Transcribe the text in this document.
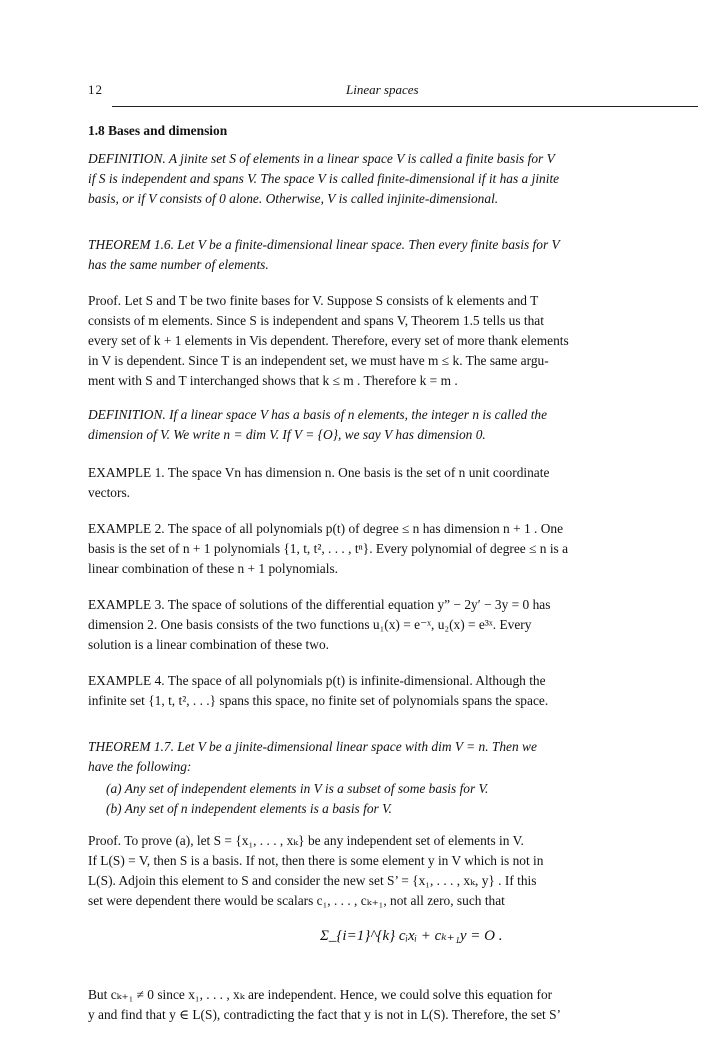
12	Linear spaces
1.8 Bases and dimension
DEFINITION. A jinite set S of elements in a linear space V is called a finite basis for V
if S is independent and spans V. The space V is called finite-dimensional if it has a jinite
basis, or if V consists of 0 alone. Otherwise, V is called injinite-dimensional.
THEOREM 1.6. Let V be a finite-dimensional linear space. Then every finite basis for V
has the same number of elements.
Proof. Let S and T be two finite bases for V. Suppose S consists of k elements and T
consists of m elements. Since S is independent and spans V, Theorem 1.5 tells us that
every set of k + 1 elements in Vis dependent. Therefore, every set of more thank elements
in V is dependent. Since T is an independent set, we must have m ≤ k. The same argu-
ment with S and T interchanged shows that k ≤ m . Therefore k = m .
DEFINITION. If a linear space V has a basis of n elements, the integer n is called the
dimension of V. We write n = dim V. If V = {O}, we say V has dimension 0.
EXAMPLE 1. The space Vn has dimension n. One basis is the set of n unit coordinate
vectors.
EXAMPLE 2. The space of all polynomials p(t) of degree ≤ n has dimension n + 1 . One
basis is the set of n + 1 polynomials {1, t, t², . . . , tⁿ}. Every polynomial of degree ≤ n is a
linear combination of these n + 1 polynomials.
EXAMPLE 3. The space of solutions of the differential equation y” − 2y′ − 3y = 0 has
dimension 2. One basis consists of the two functions u₁(x) = e⁻ˣ, u₂(x) = e³ˣ. Every
solution is a linear combination of these two.
EXAMPLE 4. The space of all polynomials p(t) is infinite-dimensional. Although the
infinite set {1, t, t², . . .} spans this space, no finite set of polynomials spans the space.
THEOREM 1.7. Let V be a jinite-dimensional linear space with dim V = n. Then we
have the following:
(a) Any set of independent elements in V is a subset of some basis for V.
(b) Any set of n independent elements is a basis for V.
Proof. To prove (a), let S = {x₁, . . . , xₖ} be any independent set of elements in V.
If L(S) = V, then S is a basis. If not, then there is some element y in V which is not in
L(S). Adjoin this element to S and consider the new set S’ = {x₁, . . . , xₖ, y} . If this
set were dependent there would be scalars c₁, . . . , cₖ₊₁, not all zero, such that
Σ_{i=1}^{k} cᵢxᵢ + cₖ₊₁y = O .
But cₖ₊₁ ≠ 0 since x₁, . . . , xₖ are independent. Hence, we could solve this equation for
y and find that y ∈ L(S), contradicting the fact that y is not in L(S). Therefore, the set S’
